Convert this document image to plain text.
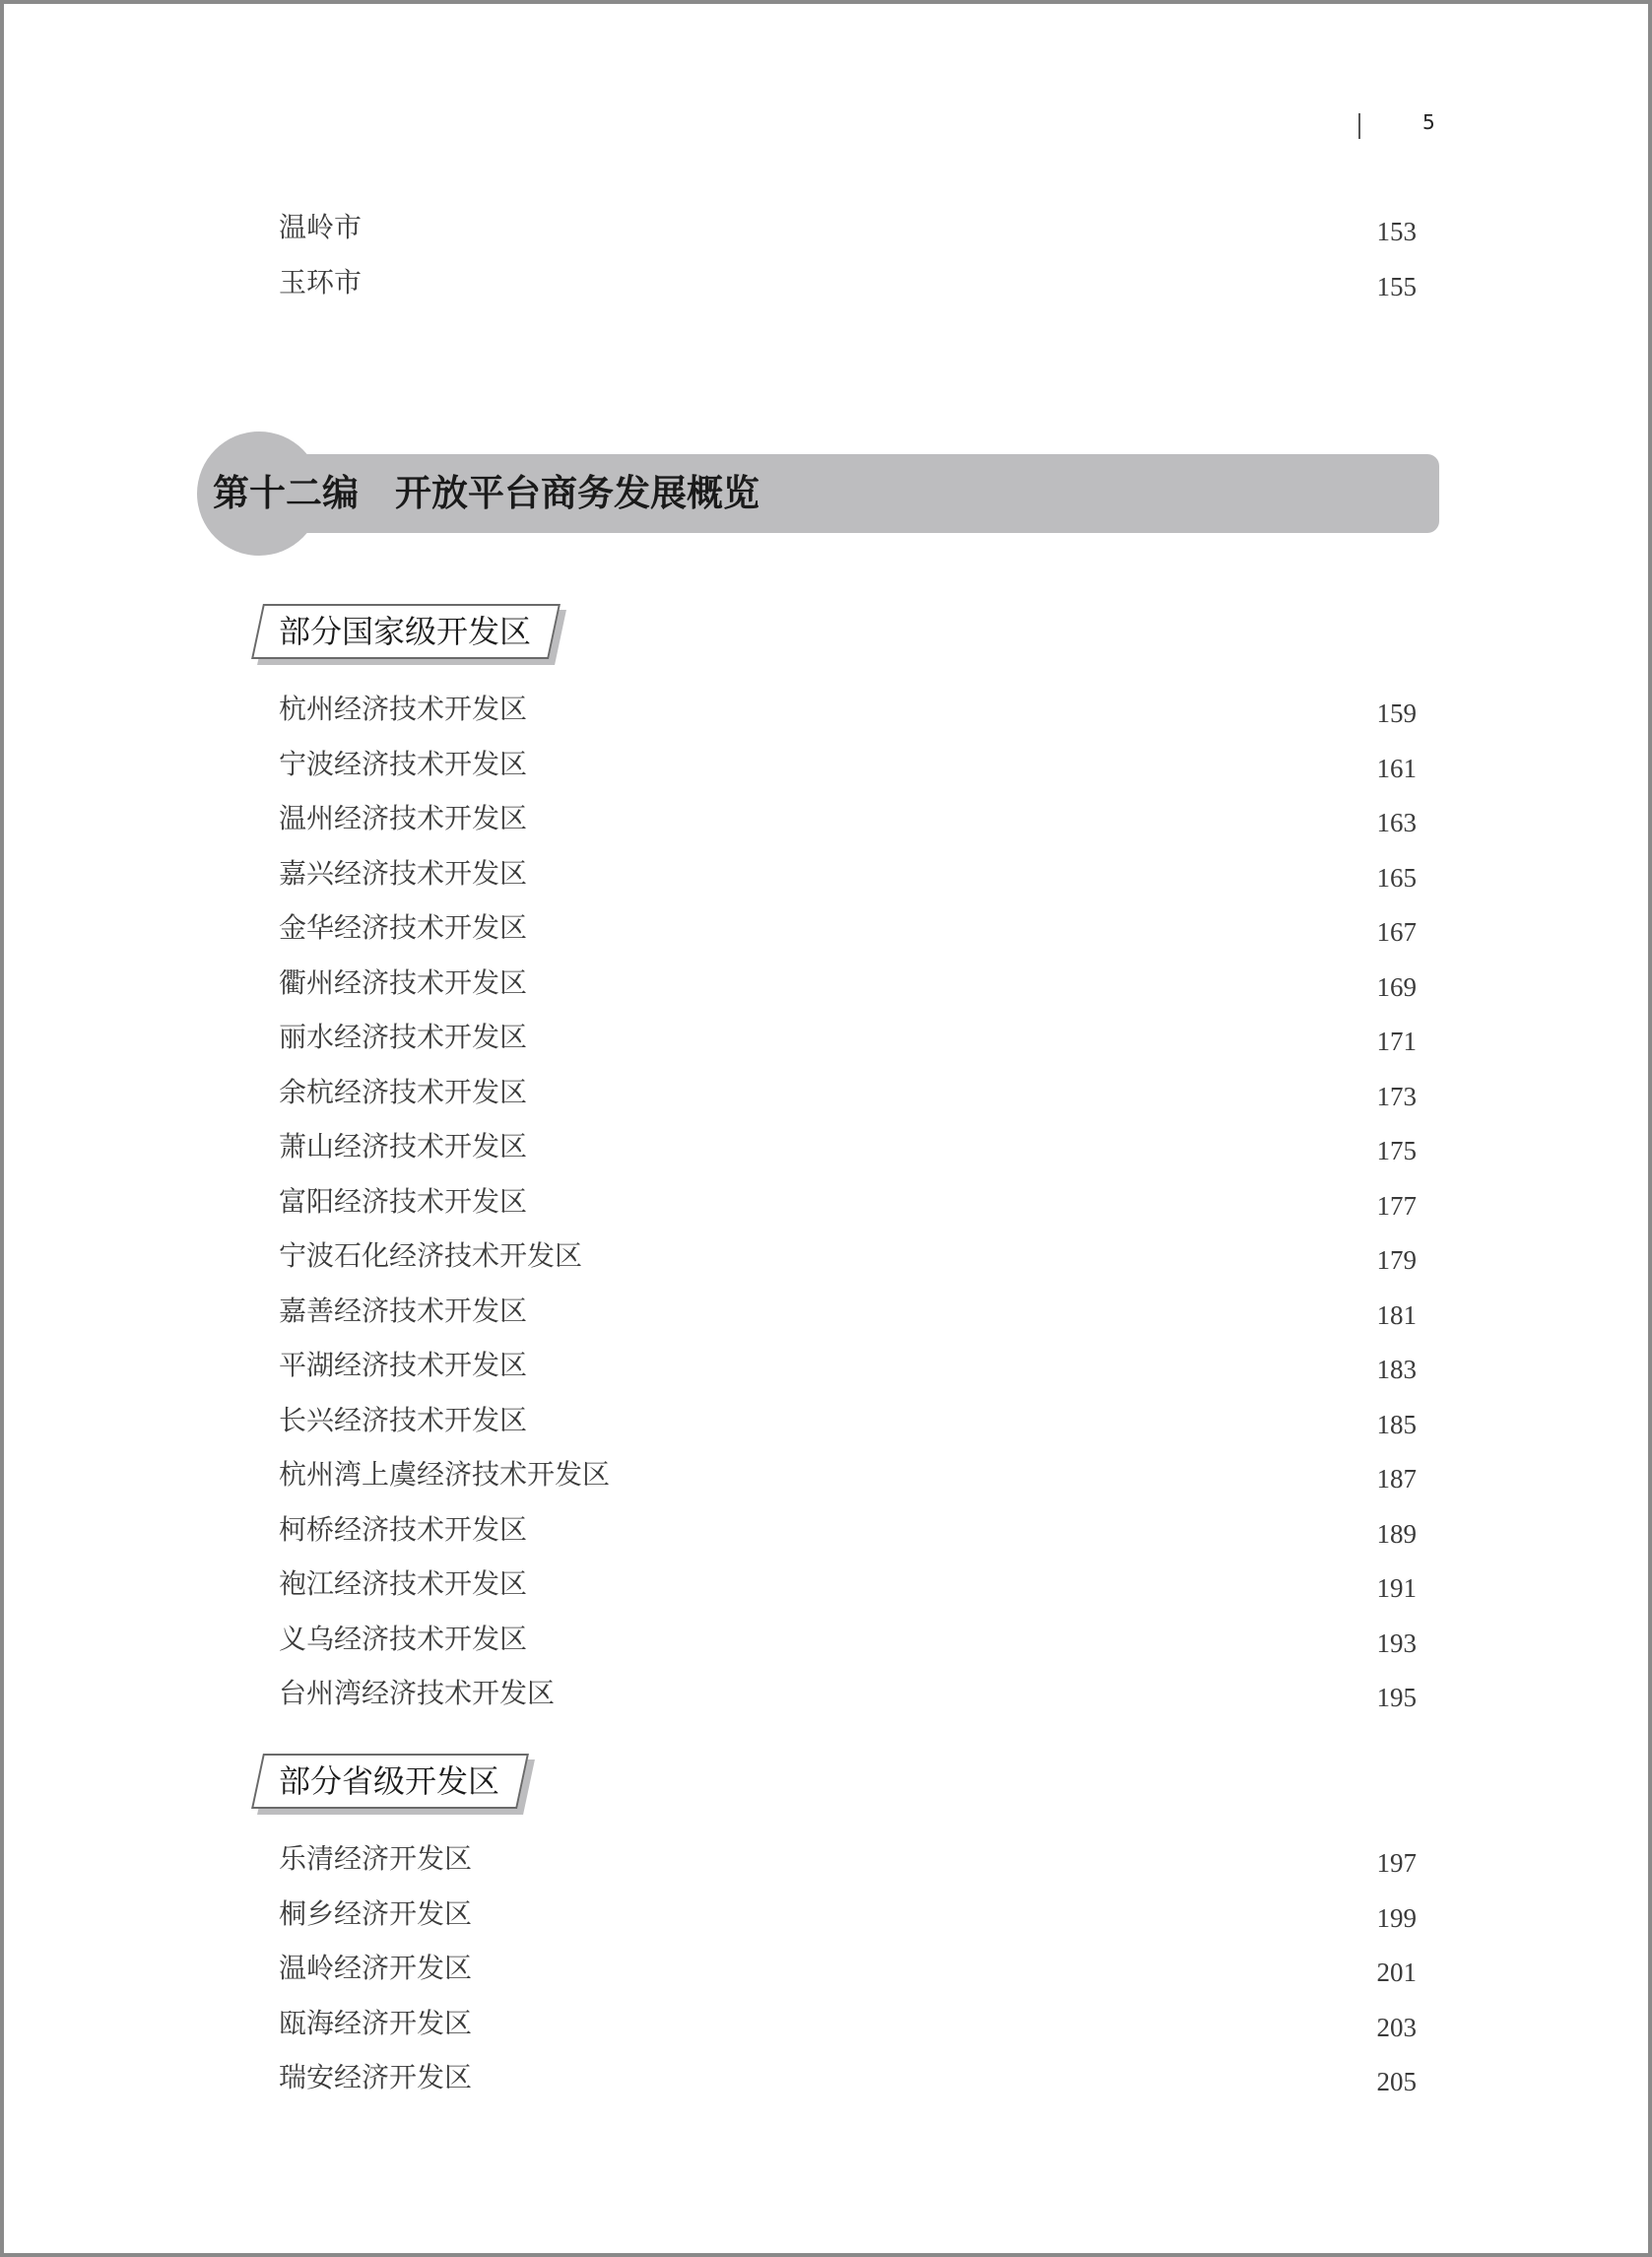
5
温岭市	153
玉环市	155
第十二编　开放平台商务发展概览
部分国家级开发区
杭州经济技术开发区	159
宁波经济技术开发区	161
温州经济技术开发区	163
嘉兴经济技术开发区	165
金华经济技术开发区	167
衢州经济技术开发区	169
丽水经济技术开发区	171
余杭经济技术开发区	173
萧山经济技术开发区	175
富阳经济技术开发区	177
宁波石化经济技术开发区	179
嘉善经济技术开发区	181
平湖经济技术开发区	183
长兴经济技术开发区	185
杭州湾上虞经济技术开发区	187
柯桥经济技术开发区	189
袍江经济技术开发区	191
义乌经济技术开发区	193
台州湾经济技术开发区	195
部分省级开发区
乐清经济开发区	197
桐乡经济开发区	199
温岭经济开发区	201
瓯海经济开发区	203
瑞安经济开发区	205
